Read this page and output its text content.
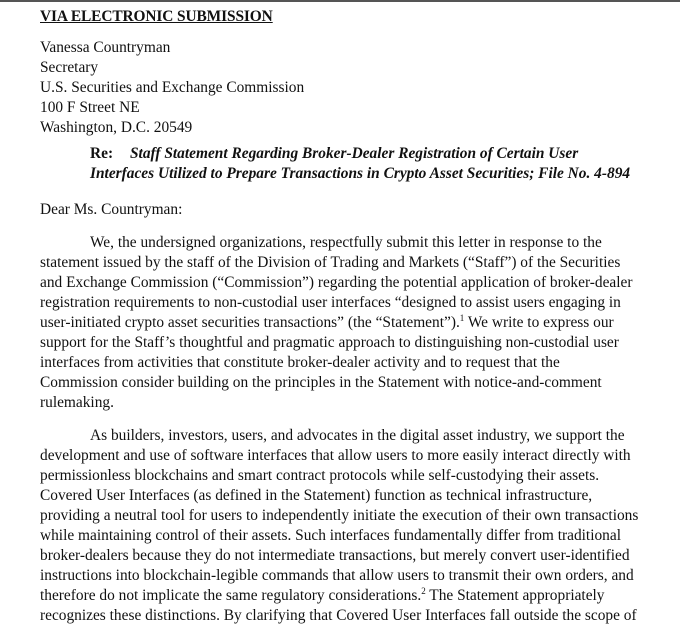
VIA ELECTRONIC SUBMISSION
Vanessa Countryman
Secretary
U.S. Securities and Exchange Commission
100 F Street NE
Washington, D.C. 20549
Re: Staff Statement Regarding Broker-Dealer Registration of Certain User
Interfaces Utilized to Prepare Transactions in Crypto Asset Securities; File No. 4-894
Dear Ms. Countryman:
We, the undersigned organizations, respectfully submit this letter in response to the
statement issued by the staff of the Division of Trading and Markets (“Staff”) of the Securities
and Exchange Commission (“Commission”) regarding the potential application of broker-dealer
registration requirements to non-custodial user interfaces “designed to assist users engaging in
user-initiated crypto asset securities transactions” (the “Statement”).$^1$ We write to express our
support for the Staff’s thoughtful and pragmatic approach to distinguishing non-custodial user
interfaces from activities that constitute broker-dealer activity and to request that the
Commission consider building on the principles in the Statement with notice-and-comment
rulemaking.
As builders, investors, users, and advocates in the digital asset industry, we support the
development and use of software interfaces that allow users to more easily interact directly with
permissionless blockchains and smart contract protocols while self-custodying their assets.
Covered User Interfaces (as defined in the Statement) function as technical infrastructure,
providing a neutral tool for users to independently initiate the execution of their own transactions
while maintaining control of their assets. Such interfaces fundamentally differ from traditional
broker-dealers because they do not intermediate transactions, but merely convert user-identified
instructions into blockchain-legible commands that allow users to transmit their own orders, and
therefore do not implicate the same regulatory considerations.$^2$ The Statement appropriately
recognizes these distinctions. By clarifying that Covered User Interfaces fall outside the scope of
